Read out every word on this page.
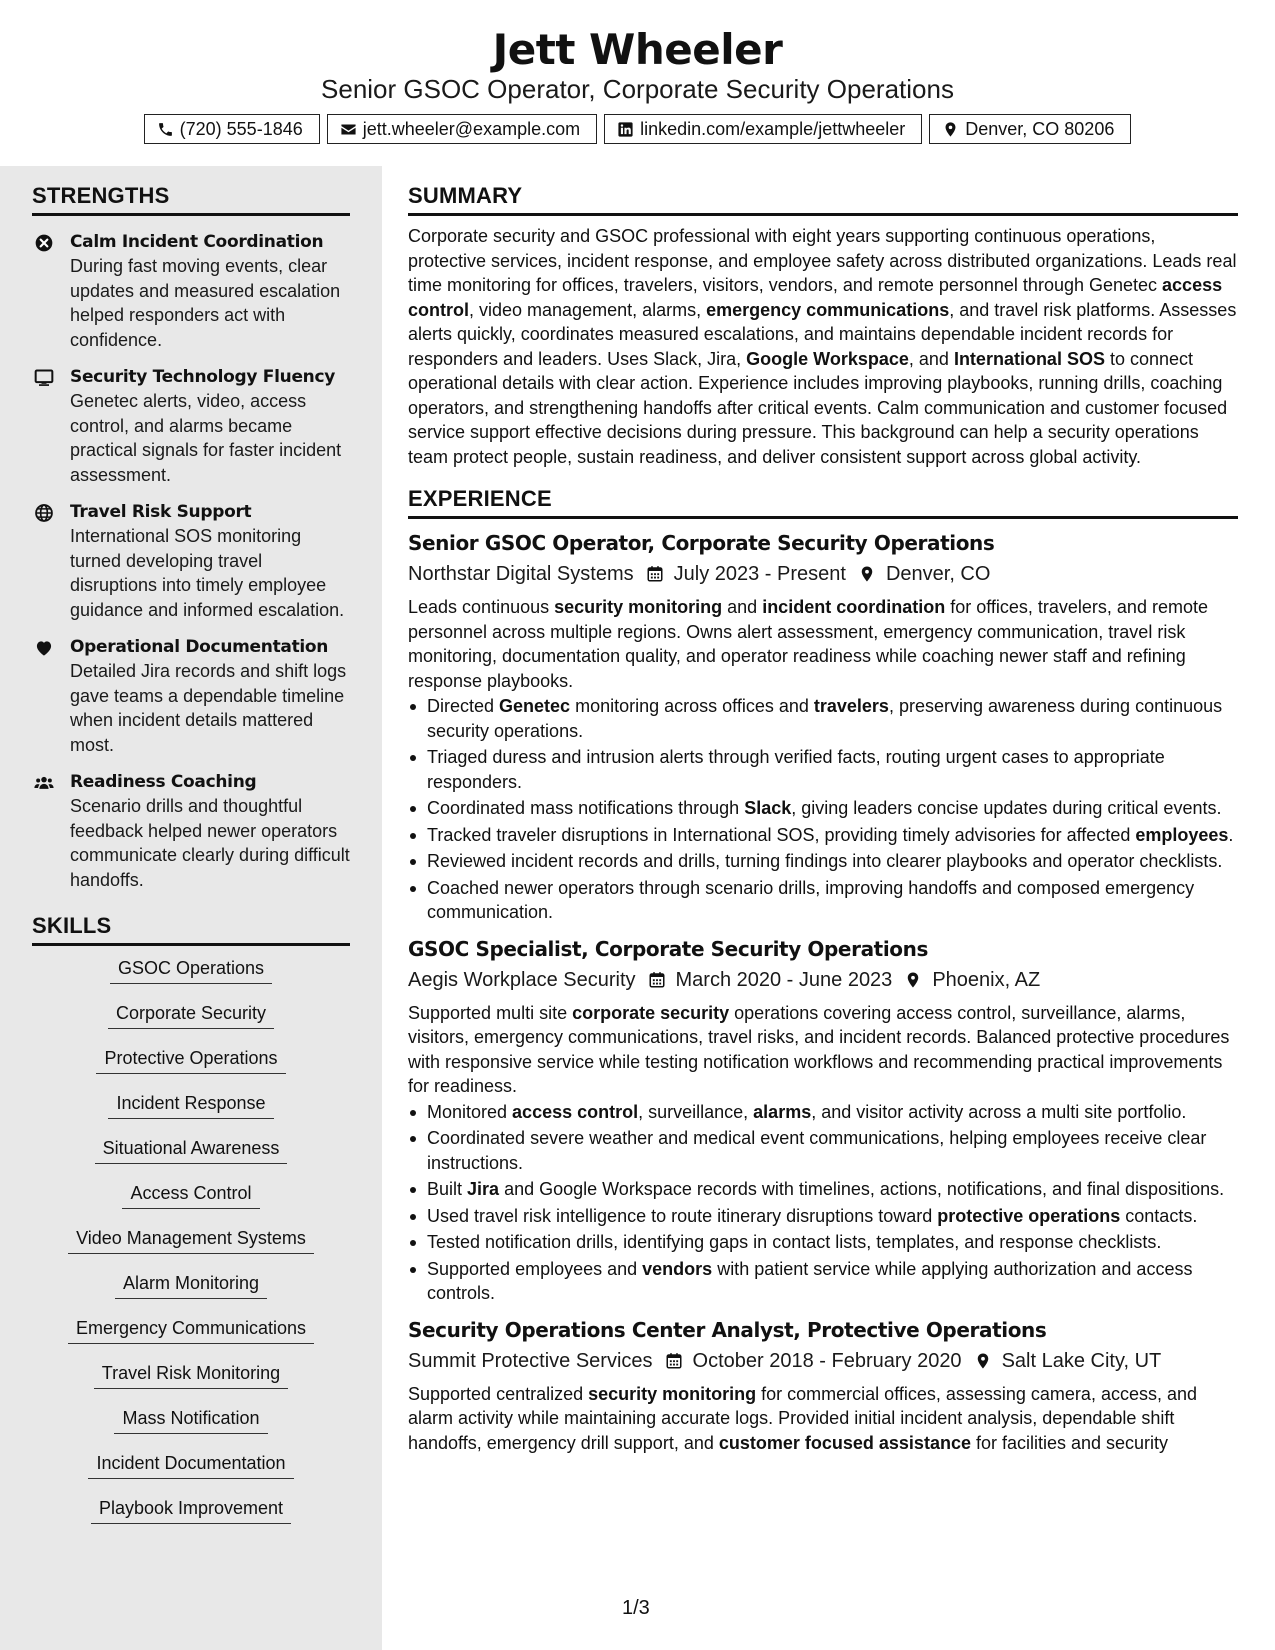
Jett Wheeler
Senior GSOC Operator, Corporate Security Operations
(720) 555-1846	jett.wheeler@example.com	linkedin.com/example/jettwheeler	Denver, CO 80206
STRENGTHS
Calm Incident Coordination
During fast moving events, clear updates and measured escalation helped responders act with confidence.
Security Technology Fluency
Genetec alerts, video, access control, and alarms became practical signals for faster incident assessment.
Travel Risk Support
International SOS monitoring turned developing travel disruptions into timely employee guidance and informed escalation.
Operational Documentation
Detailed Jira records and shift logs gave teams a dependable timeline when incident details mattered most.
Readiness Coaching
Scenario drills and thoughtful feedback helped newer operators communicate clearly during difficult handoffs.
SKILLS
GSOC Operations
Corporate Security
Protective Operations
Incident Response
Situational Awareness
Access Control
Video Management Systems
Alarm Monitoring
Emergency Communications
Travel Risk Monitoring
Mass Notification
Incident Documentation
Playbook Improvement
SUMMARY

Corporate security and GSOC professional with eight years supporting continuous operations, protective services, incident response, and employee safety across distributed organizations. Leads real time monitoring for offices, travelers, visitors, vendors, and remote personnel through Genetec access control, video management, alarms, emergency communications, and travel risk platforms. Assesses alerts quickly, coordinates measured escalations, and maintains dependable incident records for responders and leaders. Uses Slack, Jira, Google Workspace, and International SOS to connect operational details with clear action. Experience includes improving playbooks, running drills, coaching operators, and strengthening handoffs after critical events. Calm communication and customer focused service support effective decisions during pressure. This background can help a security operations team protect people, sustain readiness, and deliver consistent support across global activity.

EXPERIENCE
Senior GSOC Operator, Corporate Security Operations
Northstar Digital Systems July 2023 - Present Denver, CO

Leads continuous security monitoring and incident coordination for offices, travelers, and remote personnel across multiple regions. Owns alert assessment, emergency communication, travel risk monitoring, documentation quality, and operator readiness while coaching newer staff and refining response playbooks.

Directed Genetec monitoring across offices and travelers, preserving awareness during continuous security operations.
Triaged duress and intrusion alerts through verified facts, routing urgent cases to appropriate responders.
Coordinated mass notifications through Slack, giving leaders concise updates during critical events.
Tracked traveler disruptions in International SOS, providing timely advisories for affected employees.
Reviewed incident records and drills, turning findings into clearer playbooks and operator checklists.
Coached newer operators through scenario drills, improving handoffs and composed emergency communication.
GSOC Specialist, Corporate Security Operations
Aegis Workplace Security March 2020 - June 2023 Phoenix, AZ

Supported multi site corporate security operations covering access control, surveillance, alarms, visitors, emergency communications, travel risks, and incident records. Balanced protective procedures with responsive service while testing notification workflows and recommending practical improvements for readiness.

Monitored access control, surveillance, alarms, and visitor activity across a multi site portfolio.
Coordinated severe weather and medical event communications, helping employees receive clear instructions.
Built Jira and Google Workspace records with timelines, actions, notifications, and final dispositions.
Used travel risk intelligence to route itinerary disruptions toward protective operations contacts.
Tested notification drills, identifying gaps in contact lists, templates, and response checklists.
Supported employees and vendors with patient service while applying authorization and access controls.
Security Operations Center Analyst, Protective Operations
Summit Protective Services October 2018 - February 2020 Salt Lake City, UT

Supported centralized security monitoring for commercial offices, assessing camera, access, and alarm activity while maintaining accurate logs. Provided initial incident analysis, dependable shift handoffs, emergency drill support, and customer focused assistance for facilities and security

1/3
